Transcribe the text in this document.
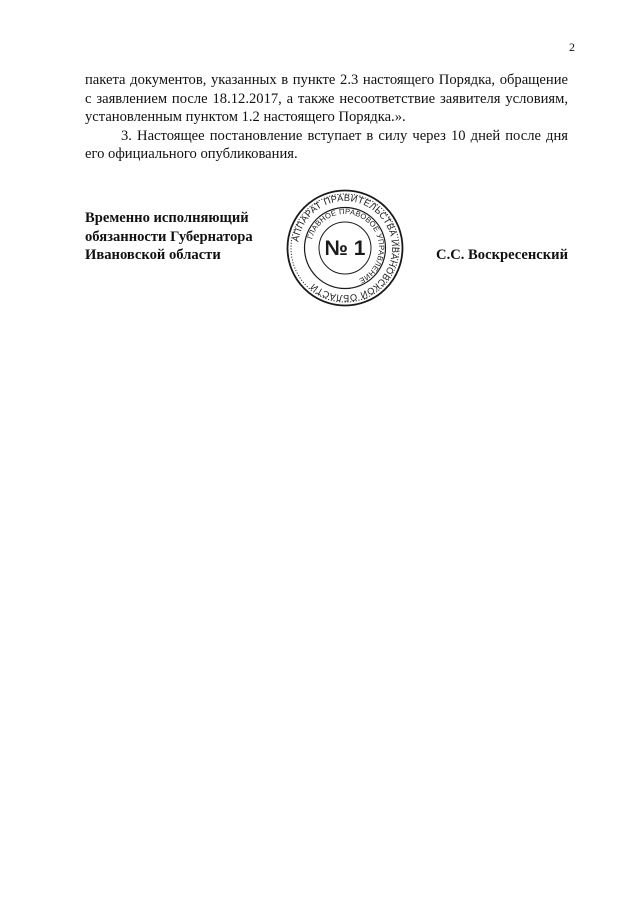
2

пакета документов, указанных в пункте 2.3 настоящего Порядка, обращение с заявлением после 18.12.2017, а также несоответствие заявителя условиям, установленным пунктом 1.2 настоящего Порядка.».

3. Настоящее постановление вступает в силу через 10 дней после дня его официального опубликования.

Временно исполняющий
обязанности Губернатора
Ивановской области
АППАРАТ ПРАВИТЕЛЬСТВА ИВАНОВСКОЙ ОБЛАСТИ
ГЛАВНОЕ ПРАВОВОЕ УПРАВЛЕНИЕ
№ 1	С.С. Воскресенский
